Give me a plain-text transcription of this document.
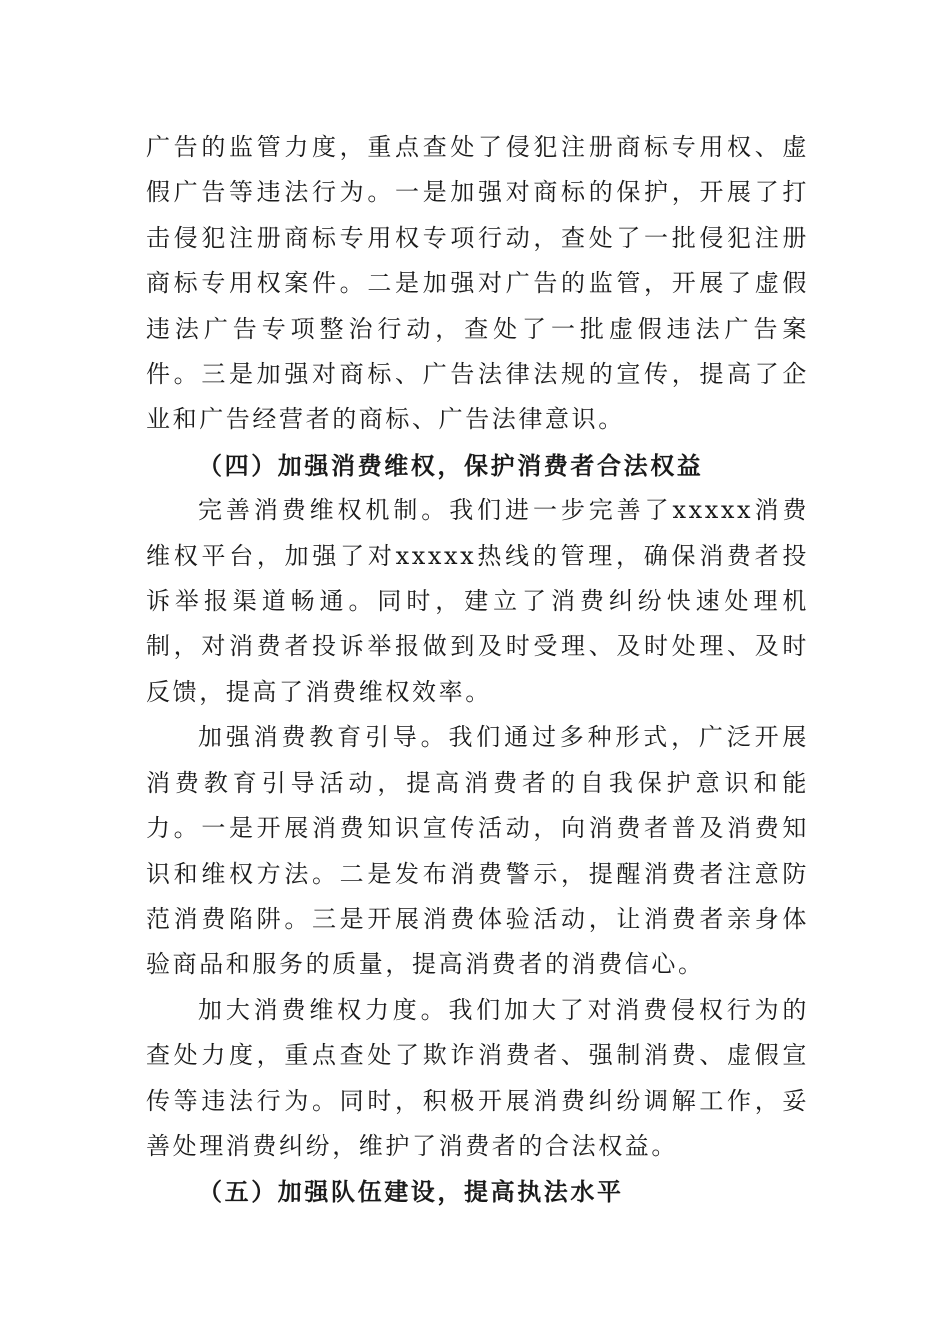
广告的监管力度，重点查处了侵犯注册商标专用权、虚假广告等违法行为。一是加强对商标的保护，开展了打击侵犯注册商标专用权专项行动，查处了一批侵犯注册商标专用权案件。二是加强对广告的监管，开展了虚假违法广告专项整治行动，查处了一批虚假违法广告案件。三是加强对商标、广告法律法规的宣传，提高了企业和广告经营者的商标、广告法律意识。

（四）加强消费维权，保护消费者合法权益

完善消费维权机制。我们进一步完善了xxxxx消费维权平台，加强了对xxxxx热线的管理，确保消费者投诉举报渠道畅通。同时，建立了消费纠纷快速处理机制，对消费者投诉举报做到及时受理、及时处理、及时反馈，提高了消费维权效率。

加强消费教育引导。我们通过多种形式，广泛开展消费教育引导活动，提高消费者的自我保护意识和能力。一是开展消费知识宣传活动，向消费者普及消费知识和维权方法。二是发布消费警示，提醒消费者注意防范消费陷阱。三是开展消费体验活动，让消费者亲身体验商品和服务的质量，提高消费者的消费信心。

加大消费维权力度。我们加大了对消费侵权行为的查处力度，重点查处了欺诈消费者、强制消费、虚假宣传等违法行为。同时，积极开展消费纠纷调解工作，妥善处理消费纠纷，维护了消费者的合法权益。

（五）加强队伍建设，提高执法水平
